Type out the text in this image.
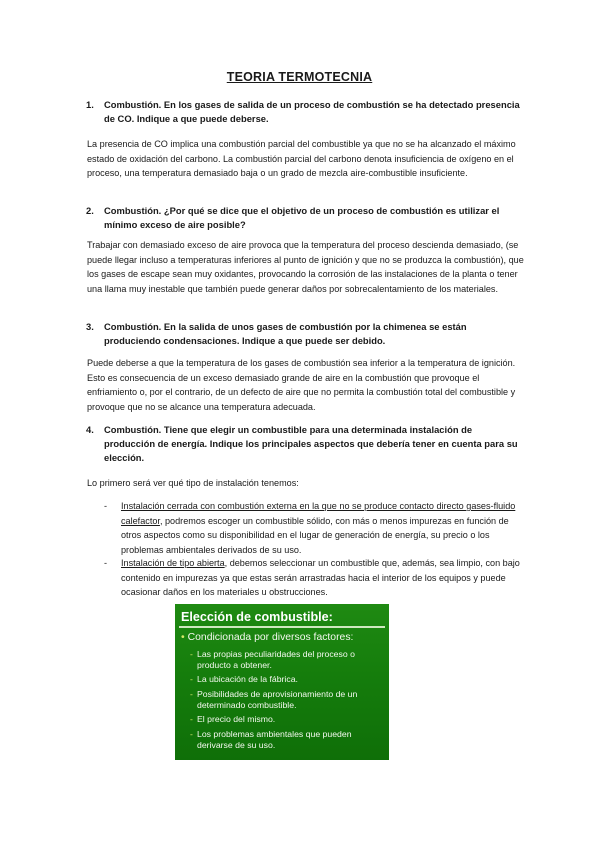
TEORIA TERMOTECNIA
1. Combustión. En los gases de salida de un proceso de combustión se ha detectado presencia de CO. Indique a que puede deberse.

La presencia de CO implica una combustión parcial del combustible ya que no se ha alcanzado el máximo estado de oxidación del carbono. La combustión parcial del carbono denota insuficiencia de oxígeno en el proceso, una temperatura demasiado baja o un grado de mezcla aire-combustible insuficiente.

2. Combustión. ¿Por qué se dice que el objetivo de un proceso de combustión es utilizar el mínimo exceso de aire posible?

Trabajar con demasiado exceso de aire provoca que la temperatura del proceso descienda demasiado, (se puede llegar incluso a temperaturas inferiores al punto de ignición y que no se produzca la combustión), que los gases de escape sean muy oxidantes, provocando la corrosión de las instalaciones de la planta o tener una llama muy inestable que también puede generar daños por sobrecalentamiento de los materiales.

3. Combustión. En la salida de unos gases de combustión por la chimenea se están produciendo condensaciones. Indique a que puede ser debido.

Puede deberse a que la temperatura de los gases de combustión sea inferior a la temperatura de ignición. Esto es consecuencia de un exceso demasiado grande de aire en la combustión que provoque el enfriamiento o, por el contrario, de un defecto de aire que no permita la combustión total del combustible y provoque que no se alcance una temperatura adecuada.

4. Combustión. Tiene que elegir un combustible para una determinada instalación de producción de energía. Indique los principales aspectos que debería tener en cuenta para su elección.

Lo primero será ver qué tipo de instalación tenemos:

- Instalación cerrada con combustión externa en la que no se produce contacto directo gases-fluido calefactor, podremos escoger un combustible sólido, con más o menos impurezas en función de otros aspectos como su disponibilidad en el lugar de generación de energía, su precio o los problemas ambientales derivados de su uso.
- Instalación de tipo abierta, debemos seleccionar un combustible que, además, sea limpio, con bajo contenido en impurezas ya que estas serán arrastradas hacia el interior de los equipos y puede ocasionar daños en los materiales u obstrucciones.
Elección de combustible:
• Condicionada por diversos factores:
- Las propias peculiaridades del proceso o producto a obtener.
- La ubicación de la fábrica.
- Posibilidades de aprovisionamiento de un determinado combustible.
- El precio del mismo.
- Los problemas ambientales que pueden derivarse de su uso.
